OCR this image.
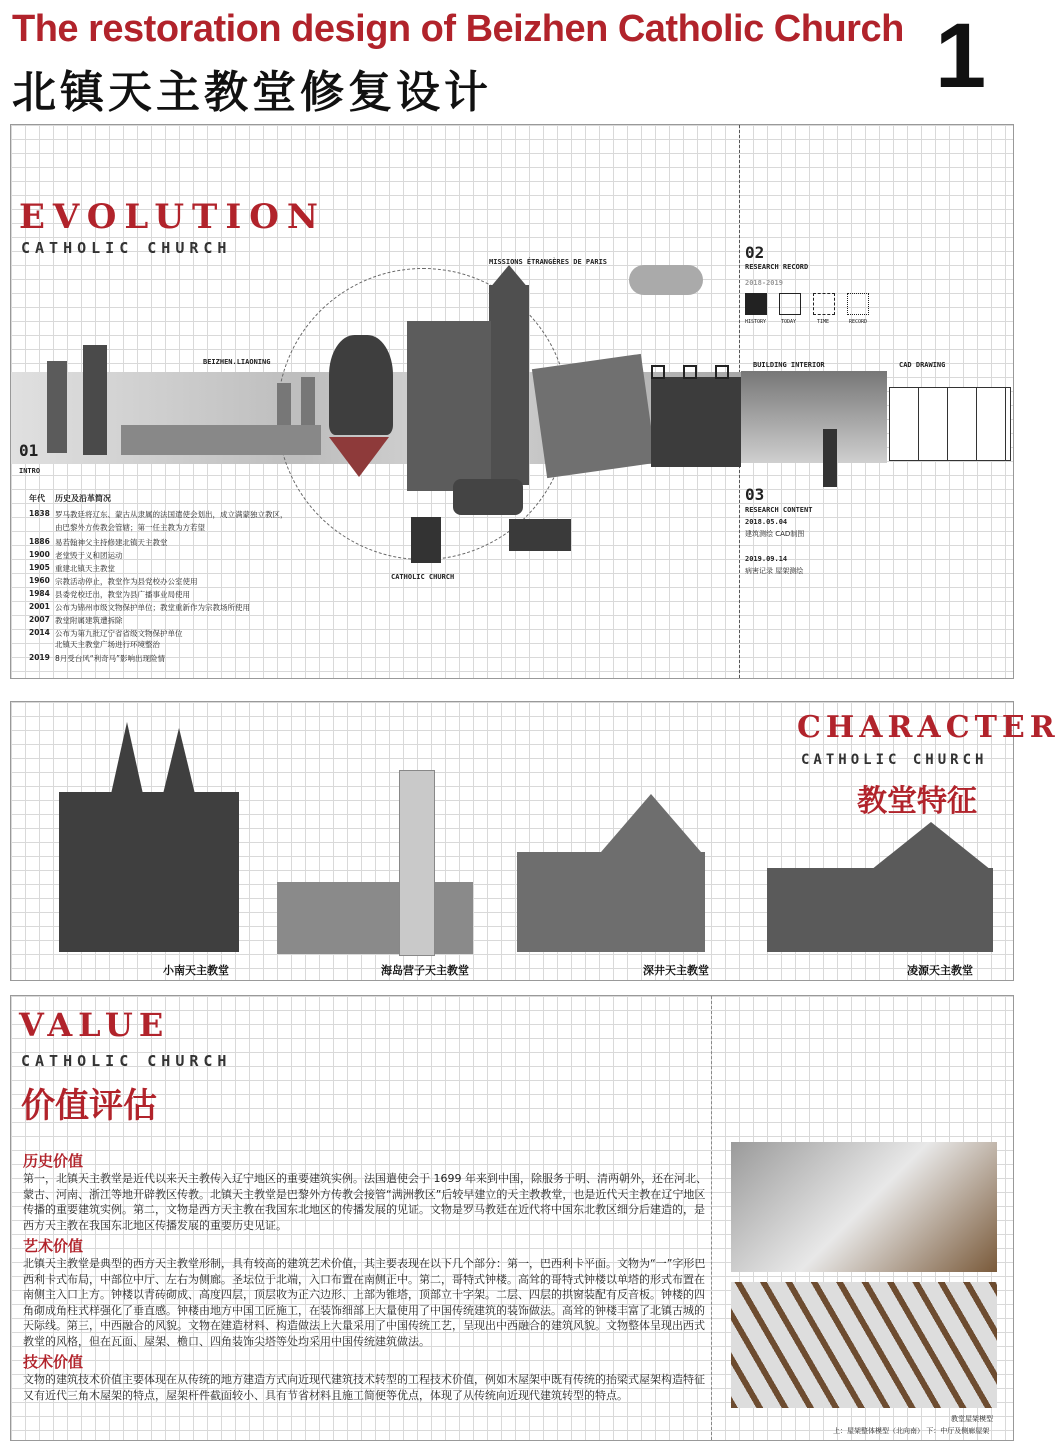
The restoration design of Beizhen Catholic Church
北镇天主教堂修复设计	1
EVOLUTION
CATHOLIC CHURCH
MISSIONS ÉTRANGÈRES DE PARIS
BEIZHEN.LIAONING
CATHOLIC CHURCH
01
INTRO
年代	历史及沿革简况
1838 罗马教廷将辽东、蒙古从隶属的法国遣使会划出，成立满蒙独立教区，
由巴黎外方传教会管辖；第一任主教为方若望
1886 易若翰神父主持修建北镇天主教堂
1900 老堂毁于义和团运动
1905 重建北镇天主教堂
1960 宗教活动停止，教堂作为县党校办公室使用
1984 县委党校迁出，教堂为县广播事业局使用
2001 公布为锦州市级文物保护单位；教堂重新作为宗教场所使用
2007 教堂附属建筑遭拆除
2014 公布为第九批辽宁省省级文物保护单位
北镇天主教堂广场进行环境整治
2019 8月受台风“利奇马”影响出现险情
02
RESEARCH RECORD
2018-2019
HISTORY	TODAY	TIME	RECORD
BUILDING INTERIOR	CAD DRAWING
03
RESEARCH CONTENT
2018.05.04
建筑测绘 CAD制图
2019.09.14
病害记录 屋架测绘
CHARACTER
CATHOLIC CHURCH
教堂特征
小南天主教堂	海岛营子天主教堂	深井天主教堂	凌源天主教堂
VALUE
CATHOLIC CHURCH
价值评估

历史价值

第一，北镇天主教堂是近代以来天主教传入辽宁地区的重要建筑实例。法国遣使会于 1699 年来到中国，除服务于明、清两朝外，还在河北、蒙古、河南、浙江等地开辟教区传教。北镇天主教堂是巴黎外方传教会接管“满洲教区”后较早建立的天主教教堂，也是近代天主教在辽宁地区传播的重要建筑实例。第二，文物是西方天主教在我国东北地区的传播发展的见证。文物是罗马教廷在近代将中国东北教区细分后建造的，是西方天主教在我国东北地区传播发展的重要历史见证。

艺术价值

北镇天主教堂是典型的西方天主教堂形制，具有较高的建筑艺术价值，其主要表现在以下几个部分：第一，巴西利卡平面。文物为“一”字形巴西利卡式布局，中部位中厅、左右为侧廊。圣坛位于北端，入口布置在南侧正中。第二，哥特式钟楼。高耸的哥特式钟楼以单塔的形式布置在南侧主入口上方。钟楼以青砖砌成、高度四层，顶层收为正六边形、上部为锥塔，顶部立十字架。二层、四层的拱窗装配有反音板。钟楼的四角砌成角柱式样强化了垂直感。钟楼由地方中国工匠施工，在装饰细部上大量使用了中国传统建筑的装饰做法。高耸的钟楼丰富了北镇古城的天际线。第三，中西融合的风貌。文物在建造材料、构造做法上大量采用了中国传统工艺，呈现出中西融合的建筑风貌。文物整体呈现出西式教堂的风格，但在瓦面、屋架、檐口、四角装饰尖塔等处均采用中国传统建筑做法。

技术价值

文物的建筑技术价值主要体现在从传统的地方建造方式向近现代建筑技术转型的工程技术价值，例如木屋架中既有传统的抬梁式屋架构造特征又有近代三角木屋架的特点，屋架杆件截面较小、具有节省材料且施工简便等优点，体现了从传统向近现代建筑转型的特点。

教堂屋架模型
上：屋架整体模型（北向南） 下：中厅及侧廊屋架
